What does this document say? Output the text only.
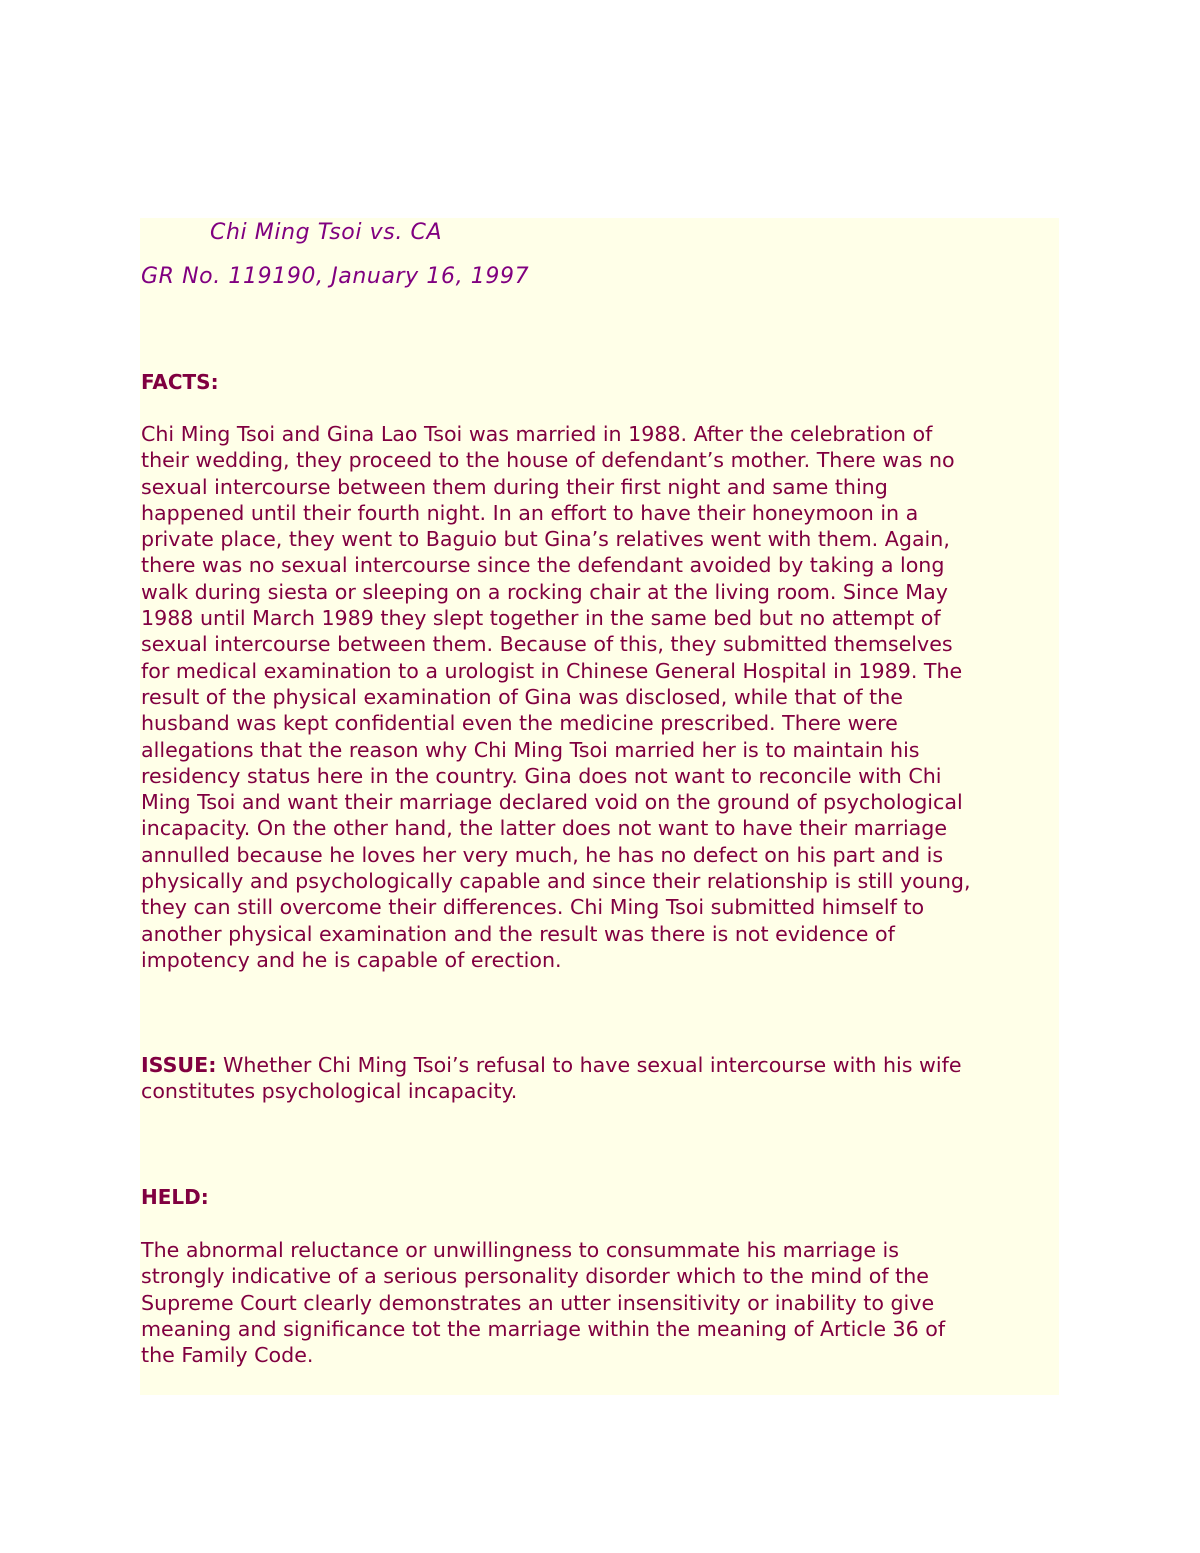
Chi Ming Tsoi vs. CA
GR No. 119190, January 16, 1997
FACTS:
Chi Ming Tsoi and Gina Lao Tsoi was married in 1988. After the celebration of
their wedding, they proceed to the house of defendant’s mother. There was no
sexual intercourse between them during their first night and same thing
happened until their fourth night. In an effort to have their honeymoon in a
private place, they went to Baguio but Gina’s relatives went with them. Again,
there was no sexual intercourse since the defendant avoided by taking a long
walk during siesta or sleeping on a rocking chair at the living room. Since May
1988 until March 1989 they slept together in the same bed but no attempt of
sexual intercourse between them. Because of this, they submitted themselves
for medical examination to a urologist in Chinese General Hospital in 1989. The
result of the physical examination of Gina was disclosed, while that of the
husband was kept confidential even the medicine prescribed. There were
allegations that the reason why Chi Ming Tsoi married her is to maintain his
residency status here in the country. Gina does not want to reconcile with Chi
Ming Tsoi and want their marriage declared void on the ground of psychological
incapacity. On the other hand, the latter does not want to have their marriage
annulled because he loves her very much, he has no defect on his part and is
physically and psychologically capable and since their relationship is still young,
they can still overcome their differences. Chi Ming Tsoi submitted himself to
another physical examination and the result was there is not evidence of
impotency and he is capable of erection.
ISSUE: Whether Chi Ming Tsoi’s refusal to have sexual intercourse with his wife
constitutes psychological incapacity.
HELD:
The abnormal reluctance or unwillingness to consummate his marriage is
strongly indicative of a serious personality disorder which to the mind of the
Supreme Court clearly demonstrates an utter insensitivity or inability to give
meaning and significance tot the marriage within the meaning of Article 36 of
the Family Code.
